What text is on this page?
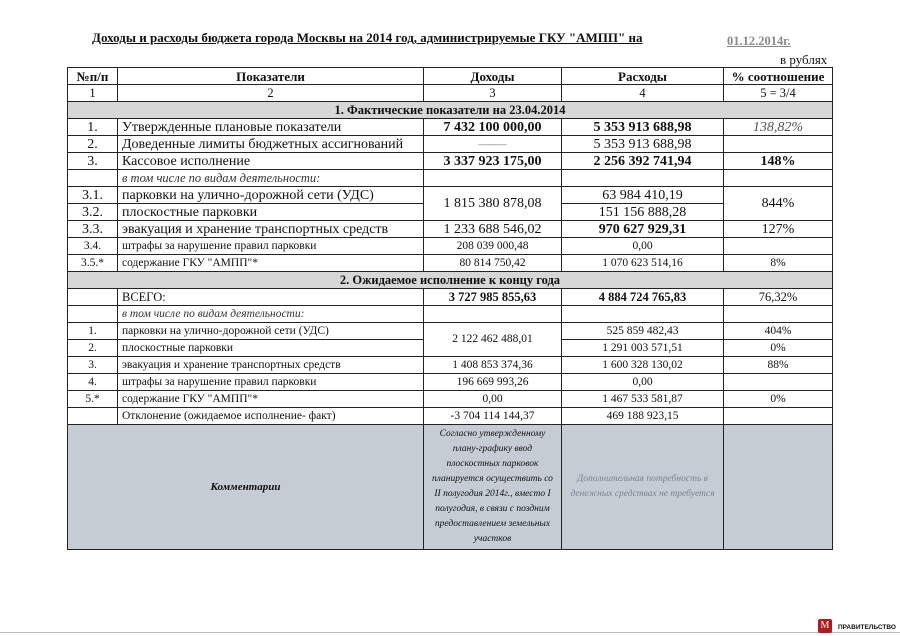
Доходы и расходы бюджета города Москвы на 2014 год, администрируемые ГКУ "АМПП" на	01.12.2014г.
в рублях
№п/п	Показатели	Доходы	Расходы	% соотношение
1	2	3	4	5 = 3/4
1. Фактические показатели на 23.04.2014				
1.	Утвержденные плановые показатели	7 432 100 000,00	5 353 913 688,98	138,82%
2.	Доведенные лимиты бюджетных ассигнований	——	5 353 913 688,98	
3.	Кассовое исполнение	3 337 923 175,00	2 256 392 741,94	148%
	в том числе по видам деятельности:			
3.1.	парковки на улично-дорожной сети (УДС)	1 815 380 878,08	63 984 410,19	844%
3.2.	плоскостные парковки		151 156 888,28	
3.3.	эвакуация и хранение транспортных средств	1 233 688 546,02	970 627 929,31	127%
3.4.	штрафы за нарушение правил парковки	208 039 000,48	0,00	
3.5.*	содержание ГКУ "АМПП"*	80 814 750,42	1 070 623 514,16	8%
2. Ожидаемое исполнение к концу года				
	ВСЕГО:	3 727 985 855,63	4 884 724 765,83	76,32%
	в том числе по видам деятельности:			
1.	парковки на улично-дорожной сети (УДС)	2 122 462 488,01	525 859 482,43	404%
2.	плоскостные парковки		1 291 003 571,51	0%
3.	эвакуация и хранение транспортных средств	1 408 853 374,36	1 600 328 130,02	88%
4.	штрафы за нарушение правил парковки	196 669 993,26	0,00	
5.*	содержание ГКУ "АМПП"*	0,00	1 467 533 581,87	0%
	Отклонение (ожидаемое исполнение- факт)	-3 704 114 144,37	469 188 923,15	
Комментарии		Согласно утвержденному плану-графику ввод плоскостных парковок планируется осуществить со II полугодия 2014г., вместо I полугодия, в связи с поздним предоставлением земельных участков	Дополнительная потребность в денежных средствах не требуется	
М	ПРАВИТЕЛЬСТВО
